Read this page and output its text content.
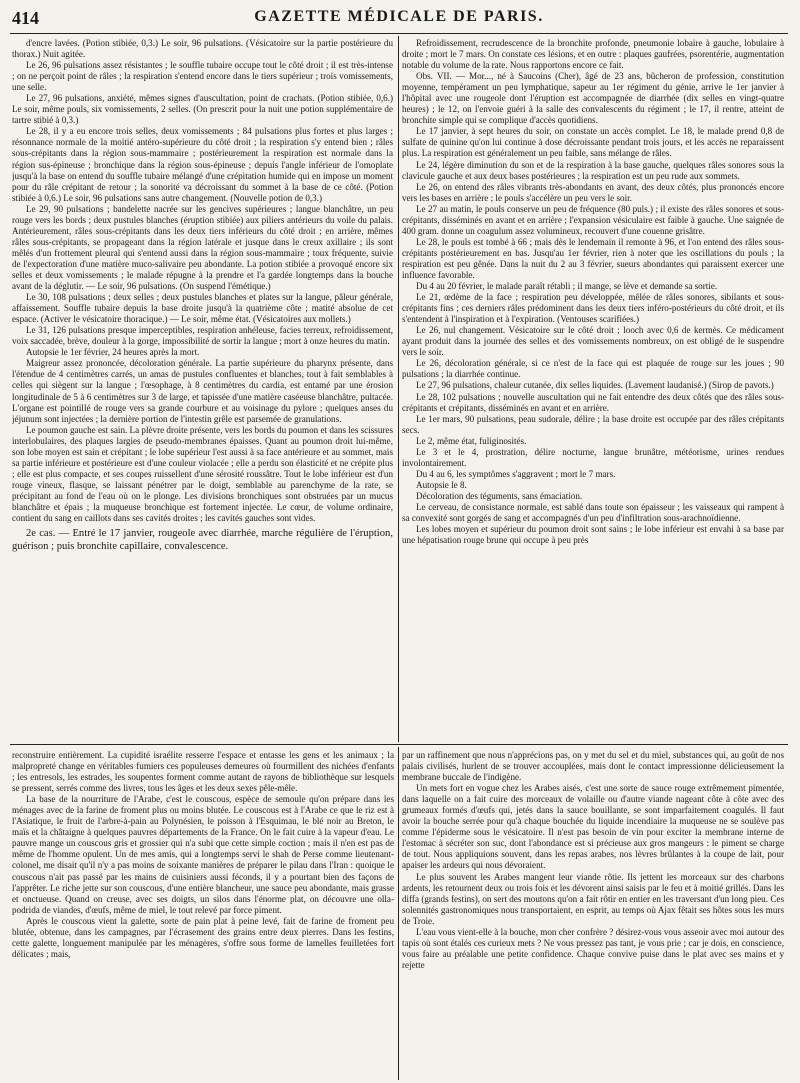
414	GAZETTE MÉDICALE DE PARIS.

d'encre lavées. (Potion stibiée, 0,3.) Le soir, 96 pulsations. (Vésicatoire sur la partie postérieure du thorax.) Nuit agitée.

Le 26, 96 pulsations assez résistantes ; le souffle tubaire occupe tout le côté droit ; il est très-intense ; on ne perçoit point de râles ; la respiration s'entend encore dans le tiers supérieur ; trois vomissements, une selle.

Le 27, 96 pulsations, anxiété, mêmes signes d'auscultation, point de crachats. (Potion stibiée, 0,6.) Le soir, même pouls, six vomissements, 2 selles. (On prescrit pour la nuit une potion supplémentaire de tartre stibié à 0,3.)

Le 28, il y a eu encore trois selles, deux vomissements ; 84 pulsations plus fortes et plus larges ; résonnance normale de la moitié antéro-supérieure du côté droit ; la respiration s'y entend bien ; râles sous-crépitants dans la région sous-mammaire ; postérieurement la respiration est normale dans la région sus-épineuse ; bronchique dans la région sous-épineuse ; depuis l'angle inférieur de l'omoplate jusqu'à la base on entend du souffle tubaire mélangé d'une crépitation humide qui en impose un moment pour du râle crépitant de retour ; la sonorité va décroissant du sommet à la base de ce côté. (Potion stibiée à 0,6.) Le soir, 96 pulsations sans autre changement. (Nouvelle potion de 0,3.)

Le 29, 90 pulsations ; bandelette nacrée sur les gencives supérieures ; langue blanchâtre, un peu rouge vers les bords ; deux pustules blanches (éruption stibiée) aux piliers antérieurs du voile du palais. Antérieurement, râles sous-crépitants dans les deux tiers inférieurs du côté droit ; en arrière, mêmes râles sous-crépitants, se propageant dans la région latérale et jusque dans le creux axillaire ; ils sont mêlés d'un frottement pleural qui s'entend aussi dans la région sous-mammaire ; toux fréquente, suivie de l'expectoration d'une matière muco-salivaire peu abondante. La potion stibiée a provoqué encore six selles et deux vomissements ; le malade répugne à la prendre et l'a gardée longtemps dans la bouche avant de la déglutir. — Le soir, 96 pulsations. (On suspend l'émétique.)

Le 30, 108 pulsations ; deux selles ; deux pustules blanches et plates sur la langue, pâleur générale, affaissement. Souffle tubaire depuis la base droite jusqu'à la quatrième côte ; matité absolue de cet espace. (Activer le vésicatoire thoracique.) — Le soir, même état. (Vésicatoires aux mollets.)

Le 31, 126 pulsations presque imperceptibles, respiration anhéleuse, facies terreux, refroidissement, voix saccadée, brève, douleur à la gorge, impossibilité de sortir la langue ; mort à onze heures du matin.

Autopsie le 1er février, 24 heures après la mort.

Maigreur assez prononcée, décoloration générale. La partie supérieure du pharynx présente, dans l'étendue de 4 centimètres carrés, un amas de pustules confluentes et blanches, tout à fait semblables à celles qui siègent sur la langue ; l'œsophage, à 8 centimètres du cardia, est entamé par une érosion longitudinale de 5 à 6 centimètres sur 3 de large, et tapissée d'une matière caséeuse blanchâtre, pultacée. L'organe est pointillé de rouge vers sa grande courbure et au voisinage du pylore ; quelques anses du jéjunum sont injectées ; la dernière portion de l'intestin grêle est parsemée de granulations.

Le poumon gauche est sain. La plèvre droite présente, vers les bords du poumon et dans les scissures interlobulaires, des plaques largies de pseudo-membranes épaisses. Quant au poumon droit lui-même, son lobe moyen est sain et crépitant ; le lobe supérieur l'est aussi à sa face antérieure et au sommet, mais sa partie inférieure et postérieure est d'une couleur violacée ; elle a perdu son élasticité et ne crépite plus ; elle est plus compacte, et ses coupes ruissellent d'une sérosité roussâtre. Tout le lobe inférieur est d'un rouge vineux, flasque, se laissant pénétrer par le doigt, semblable au parenchyme de la rate, se précipitant au fond de l'eau où on le plonge. Les divisions bronchiques sont obstruées par un mucus blanchâtre et épais ; la muqueuse bronchique est fortement injectée. Le cœur, de volume ordinaire, contient du sang en caillots dans ses cavités droites ; les cavités gauches sont vides.

2e cas. — Entré le 17 janvier, rougeole avec diarrhée, marche régulière de l'éruption, guérison ; puis bronchite capillaire, convalescence.

Refroidissement, recrudescence de la bronchite profonde, pneumonie lobaire à gauche, lobulaire à droite ; mort le 7 mars. On constate ces lésions, et en outre : plaques gaufrées, psorentérie, augmentation notable du volume de la rate. Nous rapportons encore ce fait.

Obs. VII. — Mor..., né à Saucoins (Cher), âgé de 23 ans, bûcheron de profession, constitution moyenne, tempérament un peu lymphatique, sapeur au 1er régiment du génie, arrive le 1er janvier à l'hôpital avec une rougeole dont l'éruption est accompagnée de diarrhée (dix selles en vingt-quatre heures) ; le 12, on l'envoie guéri à la salle des convalescents du régiment ; le 17, il rentre, atteint de bronchite simple qui se complique d'accès quotidiens.

Le 17 janvier, à sept heures du soir, on constate un accès complet. Le 18, le malade prend 0,8 de sulfate de quinine qu'on lui continue à dose décroissante pendant trois jours, et les accès ne reparaissent plus. La respiration est généralement un peu faible, sans mélange de râles.

Le 24, légère diminution du son et de la respiration à la base gauche, quelques râles sonores sous la clavicule gauche et aux deux bases postérieures ; la respiration est un peu rude aux sommets.

Le 26, on entend des râles vibrants très-abondants en avant, des deux côtés, plus prononcés encore vers les bases en arrière ; le pouls s'accélère un peu vers le soir.

Le 27 au matin, le pouls conserve un peu de fréquence (80 puls.) ; il existe des râles sonores et sous-crépitants, disséminés en avant et en arrière ; l'expansion vésiculaire est faible à gauche. Une saignée de 400 gram. donne un coagulum assez volumineux, recouvert d'une couenne grisâtre.

Le 28, le pouls est tombé à 66 ; mais dès le lendemain il remonte à 96, et l'on entend des râles sous-crépitants postérieurement en bas. Jusqu'au 1er février, rien à noter que les oscillations du pouls ; la respiration est peu gênée. Dans la nuit du 2 au 3 février, sueurs abondantes qui paraissent exercer une influence favorable.

Du 4 au 20 février, le malade paraît rétabli ; il mange, se lève et demande sa sortie.

Le 21, œdème de la face ; respiration peu développée, mêlée de râles sonores, sibilants et sous-crépitants fins ; ces derniers râles prédominent dans les deux tiers inféro-postérieurs du côté droit, et ils s'entendent à l'inspiration et à l'expiration. (Ventouses scarifiées.)

Le 26, nul changement. Vésicatoire sur le côté droit ; looch avec 0,6 de kermès. Ce médicament ayant produit dans la journée des selles et des vomissements nombreux, on est obligé de le suspendre vers le soir.

Le 26, décoloration générale, si ce n'est de la face qui est plaquée de rouge sur les joues ; 90 pulsations ; la diarrhée continue.

Le 27, 96 pulsations, chaleur cutanée, dix selles liquides. (Lavement laudanisé.) (Sirop de pavots.)

Le 28, 102 pulsations ; nouvelle auscultation qui ne fait entendre des deux côtés que des râles sous-crépitants et crépitants, disséminés en avant et en arrière.

Le 1er mars, 90 pulsations, peau sudorale, délire ; la base droite est occupée par des râles crépitants secs.

Le 2, même état, fuliginosités.

Le 3 et le 4, prostration, délire nocturne, langue brunâtre, météorisme, urines rendues involontairement.

Du 4 au 6, les symptômes s'aggravent ; mort le 7 mars.

Autopsie le 8.

Décoloration des téguments, sans émaciation.

Le cerveau, de consistance normale, est sablé dans toute son épaisseur ; les vaisseaux qui rampent à sa convexité sont gorgés de sang et accompagnés d'un peu d'infiltration sous-arachnoïdienne.

Les lobes moyen et supérieur du poumon droit sont sains ; le lobe inférieur est envahi à sa base par une hépatisation rouge brune qui occupe à peu près

reconstruire entièrement. La cupidité israélite resserre l'espace et entasse les gens et les animaux ; la malpropreté change en véritables fumiers ces populeuses demeures où fourmillent des nichées d'enfants ; les entresols, les estrades, les soupentes forment comme autant de rayons de bibliothèque sur lesquels se pressent, serrés comme des livres, tous les âges et les deux sexes pêle-mêle.

La base de la nourriture de l'Arabe, c'est le couscous, espèce de semoule qu'on prépare dans les ménages avec de la farine de froment plus ou moins blutée. Le couscous est à l'Arabe ce que le riz est à l'Asiatique, le fruit de l'arbre-à-pain au Polynésien, le poisson à l'Esquimau, le blé noir au Breton, le maïs et la châtaigne à quelques pauvres départements de la France. On le fait cuire à la vapeur d'eau. Le pauvre mange un couscous gris et grossier qui n'a subi que cette simple coction ; mais il n'en est pas de même de l'homme opulent. Un de mes amis, qui a longtemps servi le shah de Perse comme lieutenant-colonel, me disait qu'il n'y a pas moins de soixante manières de préparer le pilau dans l'Iran : quoique le couscous n'ait pas passé par les mains de cuisiniers aussi féconds, il y a pourtant bien des façons de l'apprêter. Le riche jette sur son couscous, d'une entière blancheur, une sauce peu abondante, mais grasse et onctueuse. Quand on creuse, avec ses doigts, un silos dans l'énorme plat, on découvre une olla-podrida de viandes, d'œufs, même de miel, le tout relevé par force piment.

Après le couscous vient la galette, sorte de pain plat à peine levé, fait de farine de froment peu blutée, obtenue, dans les campagnes, par l'écrasement des grains entre deux pierres. Dans les festins, cette galette, longuement manipulée par les ménagères, s'offre sous forme de lamelles feuilletées fort délicates ; mais,

par un raffinement que nous n'apprécions pas, on y met du sel et du miel, substances qui, au goût de nos palais civilisés, hurlent de se trouver accouplées, mais dont le contact impressionne délicieusement la membrane buccale de l'indigène.

Un mets fort en vogue chez les Arabes aisés, c'est une sorte de sauce rouge extrêmement pimentée, dans laquelle on a fait cuire des morceaux de volaille ou d'autre viande nageant côte à côte avec des grumeaux formés d'œufs qui, jetés dans la sauce bouillante, se sont imparfaitement coagulés. Il faut avoir la bouche serrée pour qu'à chaque bouchée du liquide incendiaire la muqueuse ne se soulève pas comme l'épiderme sous le vésicatoire. Il n'est pas besoin de vin pour exciter la membrane interne de l'estomac à sécréter son suc, dont l'abondance est si précieuse aux gros mangeurs : le piment se charge de tout. Nous appliquions souvent, dans les repas arabes, nos lèvres brûlantes à la coupe de lait, pour apaiser les ardeurs qui nous dévoraient.

Le plus souvent les Arabes mangent leur viande rôtie. Ils jettent les morceaux sur des charbons ardents, les retournent deux ou trois fois et les dévorent ainsi saisis par le feu et à moitié grillés. Dans les diffa (grands festins), on sert des moutons qu'on a fait rôtir en entier en les traversant d'un long pieu. Ces solennités gastronomiques nous transportaient, en esprit, au temps où Ajax fêtait ses hôtes sous les murs de Troie.

L'eau vous vient-elle à la bouche, mon cher confrère ? désirez-vous vous asseoir avec moi autour des tapis où sont étalés ces curieux mets ? Ne vous pressez pas tant, je vous prie ; car je dois, en conscience, vous faire au préalable une petite confidence. Chaque convive puise dans le plat avec ses mains et y rejette
